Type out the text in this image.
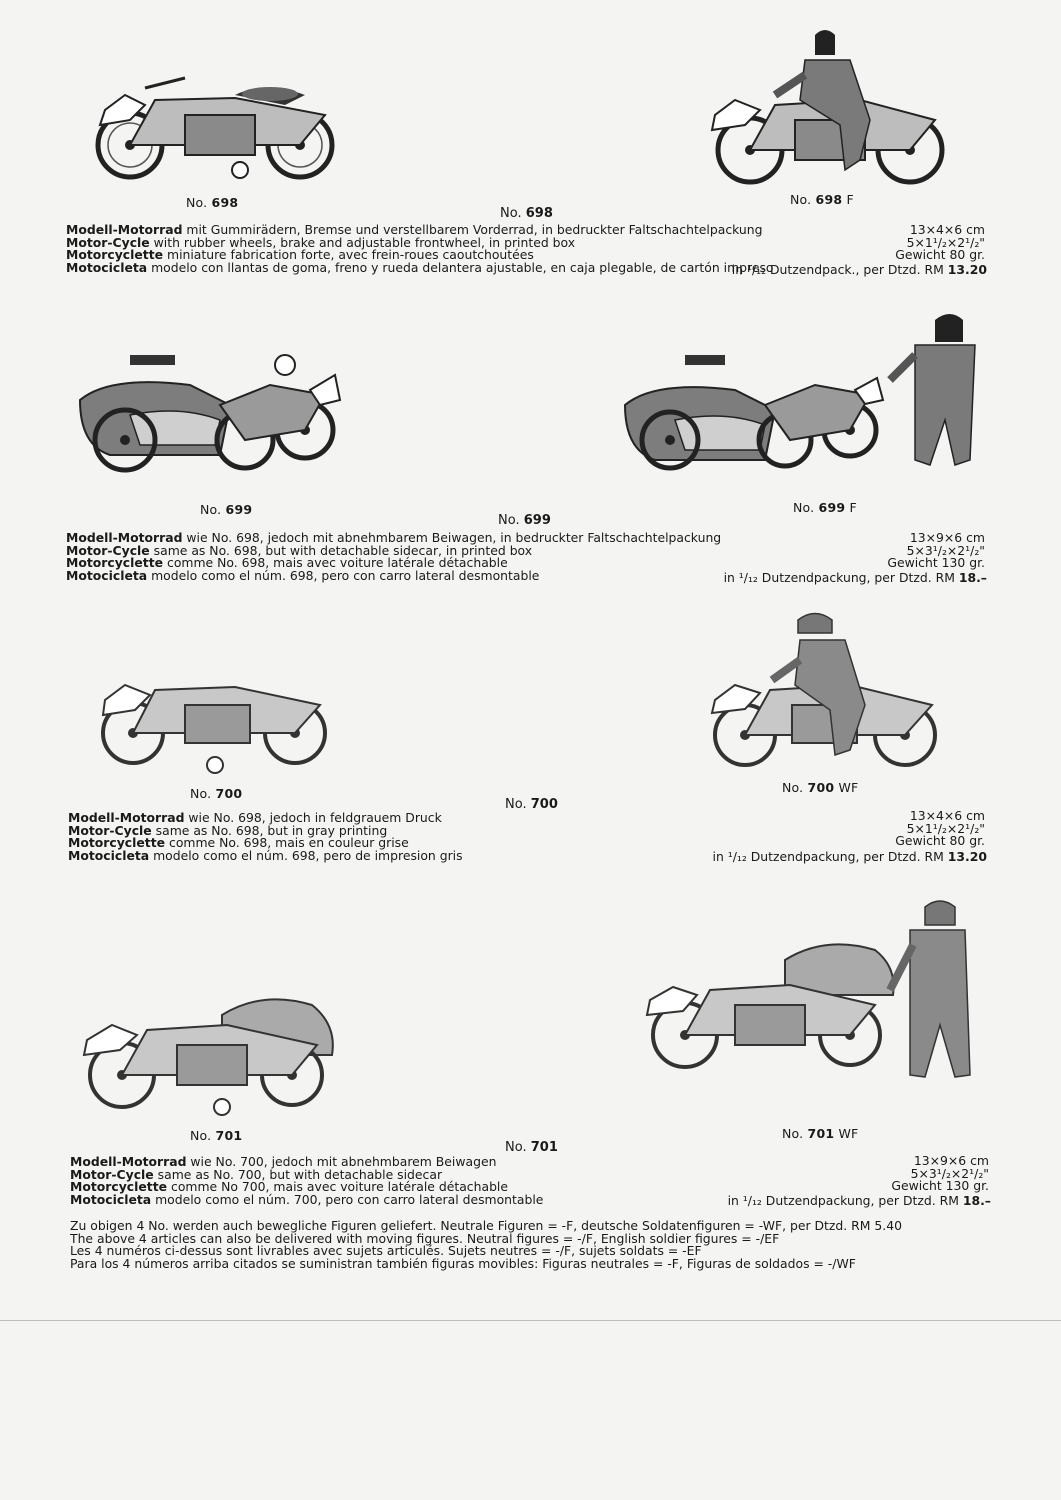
No. 698	No. 698 F
No. 698
Modell-Motorrad mit Gummirädern, Bremse und verstellbarem Vorderrad, in bedruckter Faltschachtelpackung
Motor-Cycle with rubber wheels, brake and adjustable frontwheel, in printed box
Motorcyclette miniature fabrication forte, avec frein-roues caoutchoutées
Motocicleta modelo con llantas de goma, freno y rueda delantera ajustable, en caja plegable, de cartón impreso
13×4×6 cm
5×1¹/₂×2¹/₂"
Gewicht 80 gr.
in ¹/₁₂ Dutzendpack., per Dtzd. RM 13.20
No. 699	No. 699 F
No. 699
Modell-Motorrad wie No. 698, jedoch mit abnehmbarem Beiwagen, in bedruckter Faltschachtelpackung
Motor-Cycle same as No. 698, but with detachable sidecar, in printed box
Motorcyclette comme No. 698, mais avec voiture latérale détachable
Motocicleta modelo como el núm. 698, pero con carro lateral desmontable
13×9×6 cm
5×3¹/₂×2¹/₂"
Gewicht 130 gr.
in ¹/₁₂ Dutzendpackung, per Dtzd. RM 18.–
No. 700	No. 700 WF
No. 700
Modell-Motorrad wie No. 698, jedoch in feldgrauem Druck
Motor-Cycle same as No. 698, but in gray printing
Motorcyclette comme No. 698, mais en couleur grise
Motocicleta modelo como el núm. 698, pero de impresion gris
13×4×6 cm
5×1¹/₂×2¹/₂"
Gewicht 80 gr.
in ¹/₁₂ Dutzendpackung, per Dtzd. RM 13.20
No. 701	No. 701 WF
No. 701
Modell-Motorrad wie No. 700, jedoch mit abnehmbarem Beiwagen
Motor-Cycle same as No. 700, but with detachable sidecar
Motorcyclette comme No 700, mais avec voiture latérale détachable
Motocicleta modelo como el núm. 700, pero con carro lateral desmontable
13×9×6 cm
5×3¹/₂×2¹/₂"
Gewicht 130 gr.
in ¹/₁₂ Dutzendpackung, per Dtzd. RM 18.–
Zu obigen 4 No. werden auch bewegliche Figuren geliefert. Neutrale Figuren = -F, deutsche Soldatenfiguren = -WF, per Dtzd. RM 5.40
The above 4 articles can also be delivered with moving figures. Neutral figures = -/F, English soldier figures = -/EF
Les 4 numéros ci-dessus sont livrables avec sujets articulés. Sujets neutres = -/F, sujets soldats = -EF
Para los 4 números arriba citados se suministran también figuras movibles: Figuras neutrales = -F, Figuras de soldados = -/WF
